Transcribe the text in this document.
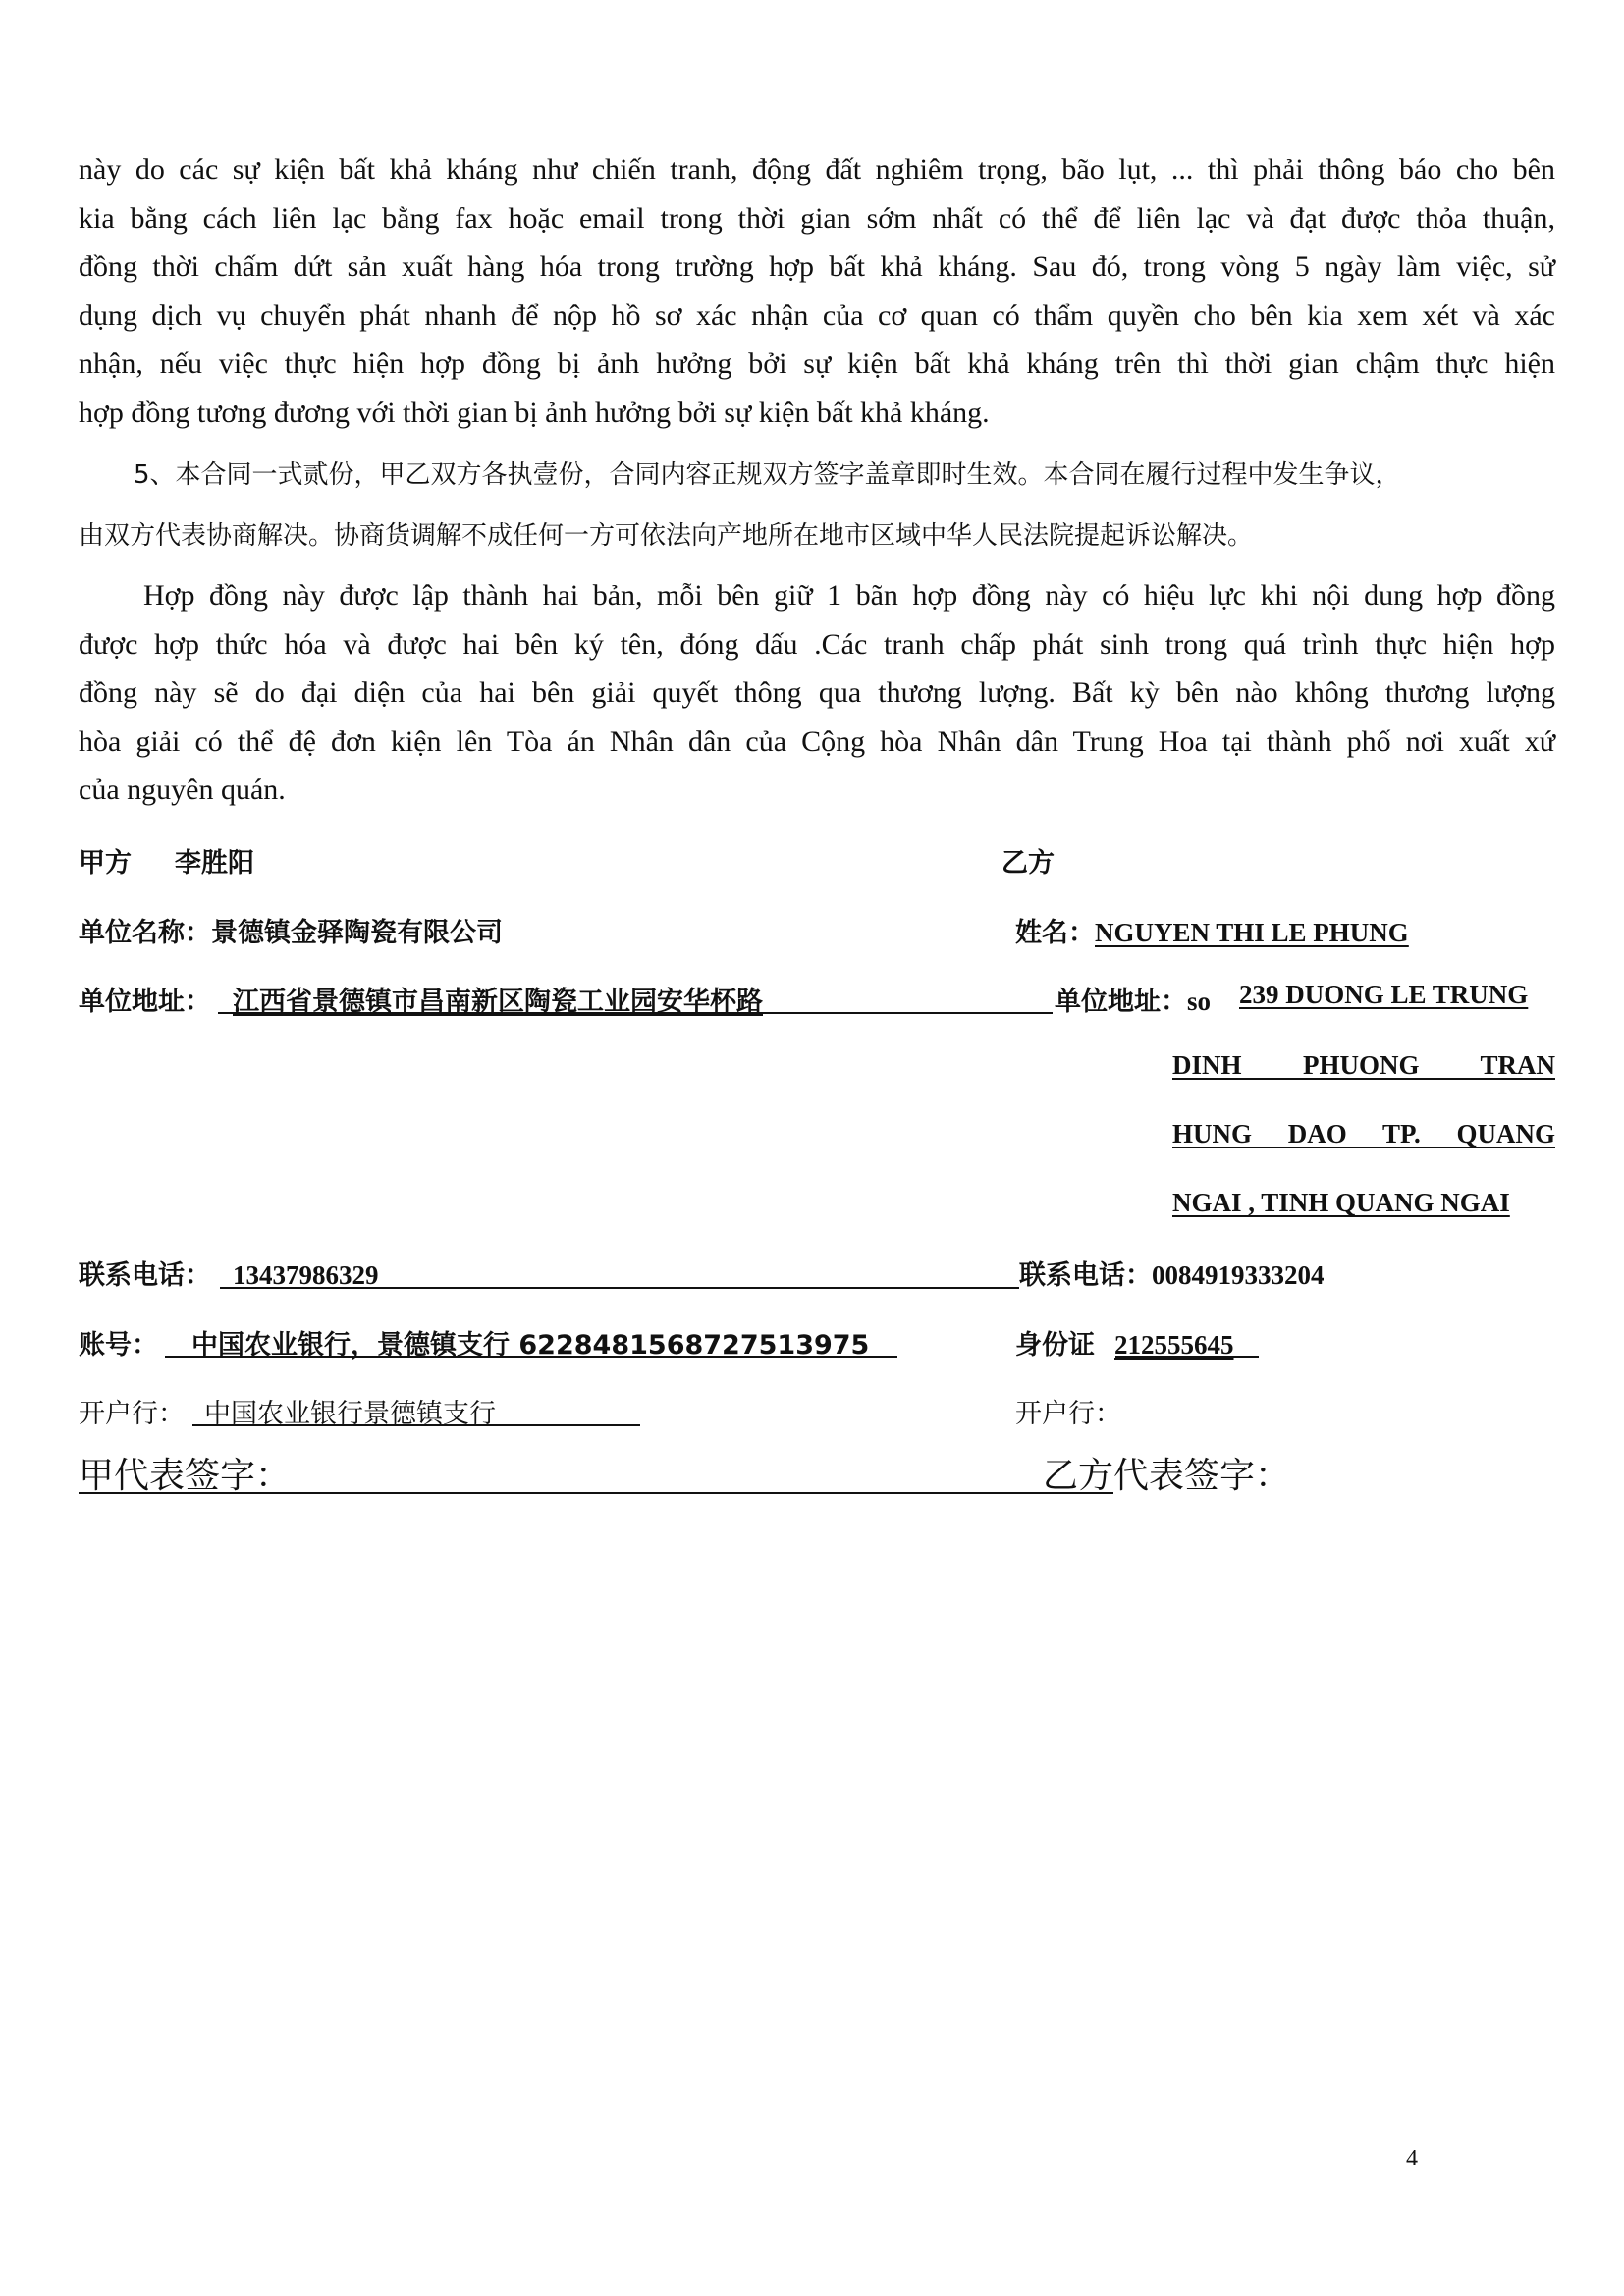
này do các sự kiện bất khả kháng như chiến tranh, động đất nghiêm trọng, bão lụt, ... thì phải thông báo cho bên
kia bằng cách liên lạc bằng fax hoặc email trong thời gian sớm nhất có thể để liên lạc và đạt được thỏa thuận,
đồng thời chấm dứt sản xuất hàng hóa trong trường hợp bất khả kháng. Sau đó, trong vòng 5 ngày làm việc, sử
dụng dịch vụ chuyển phát nhanh để nộp hồ sơ xác nhận của cơ quan có thẩm quyền cho bên kia xem xét và xác
nhận, nếu việc thực hiện hợp đồng bị ảnh hưởng bởi sự kiện bất khả kháng trên thì thời gian chậm thực hiện
hợp đồng tương đương với thời gian bị ảnh hưởng bởi sự kiện bất khả kháng.
5、本合同一式贰份，甲乙双方各执壹份，合同内容正规双方签字盖章即时生效。本合同在履行过程中发生争议，
由双方代表协商解决。协商货调解不成任何一方可依法向产地所在地市区域中华人民法院提起诉讼解决。
Hợp đồng này được lập thành hai bản, mỗi bên giữ 1 bãn hợp đồng này có hiệu lực khi nội dung hợp đồng
được hợp thức hóa và được hai bên ký tên, đóng dấu .Các tranh chấp phát sinh trong quá trình thực hiện hợp
đồng này sẽ do đại diện của hai bên giải quyết thông qua thương lượng. Bất kỳ bên nào không thương lượng
hòa giải có thể đệ đơn kiện lên Tòa án Nhân dân của Cộng hòa Nhân dân Trung Hoa tại thành phố nơi xuất xứ
của nguyên quán.
甲方 李胜阳	乙方
单位名称：景德镇金驿陶瓷有限公司	姓名：NGUYEN THI LE PHUNG
单位地址： 江西省景德镇市昌南新区陶瓷工业园安华杯路	单位地址：so 239 DUONG LE TRUNG
DINH PHUONG TRAN
HUNG DAO TP. QUANG
NGAI , TINH QUANG NGAI
联系电话： 13437986329	联系电话：0084919333204
账号： 中国农业银行，景德镇支行 6228481568727513975	身份证 212555645
开户行： 中国农业银行景德镇支行	开户行：
甲代表签字：	乙方代表签字：
4
